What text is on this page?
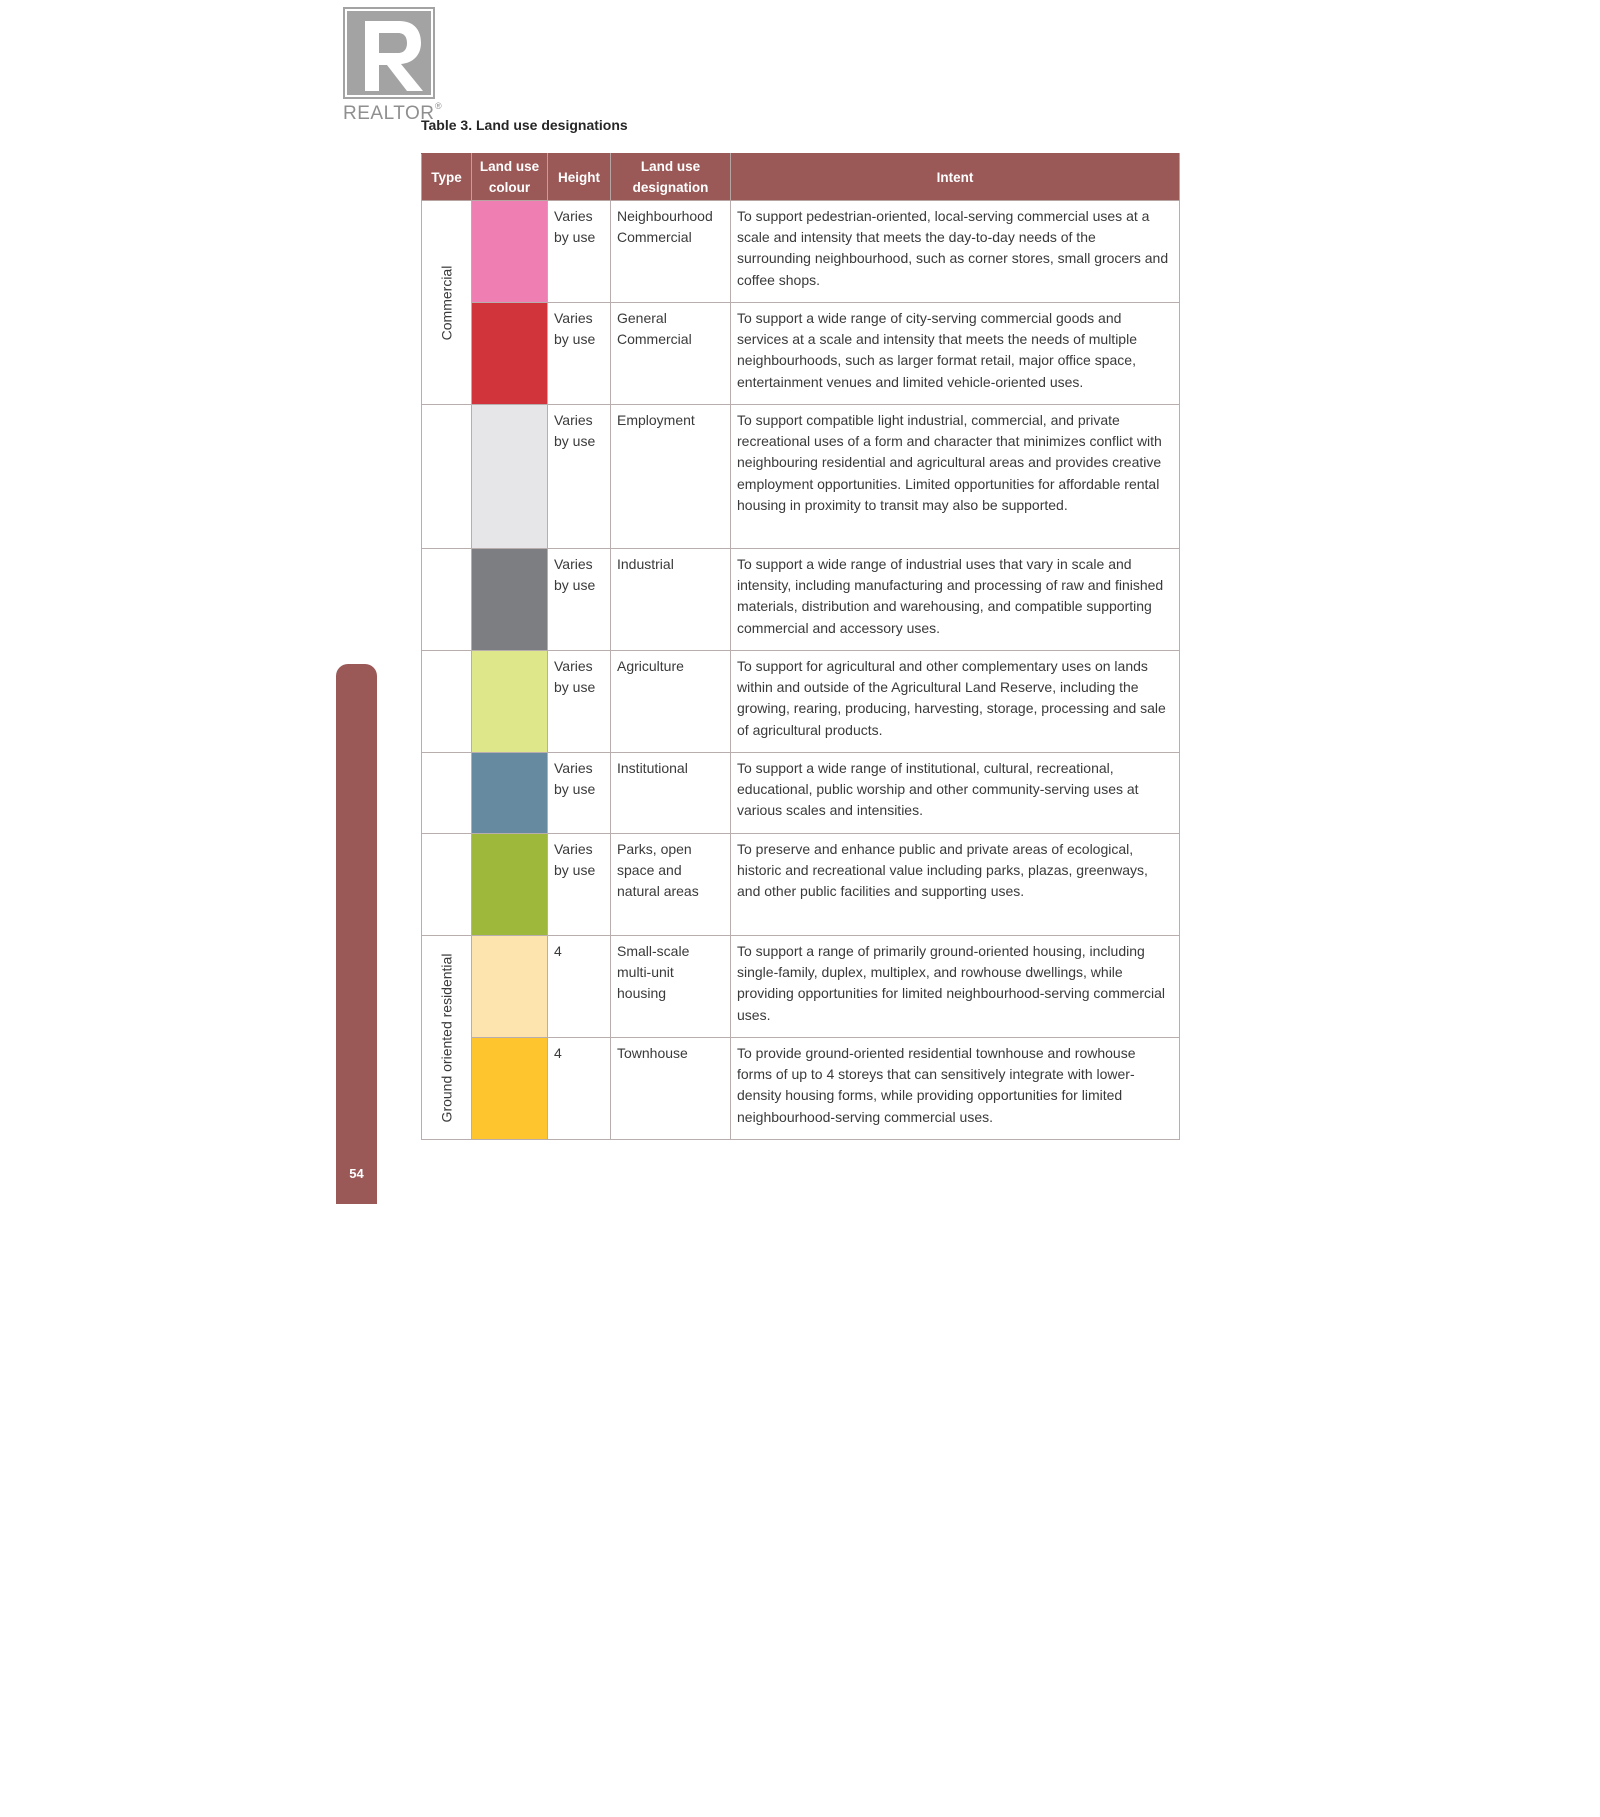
REALTOR ®
PART B | LAND USE FRAMEWORK —DRAFT
54
Table 3. Land use designations
Type	Land use colour	Height	Land use designation	Intent

Commercial		Varies by use	Neighbourhood Commercial	To support pedestrian-oriented, local-serving commercial uses at a scale and intensity that meets the day-to-day needs of the surrounding neighbourhood, such as corner stores, small grocers and coffee shops.
		Varies by use	General Commercial	To support a wide range of city-serving commercial goods and services at a scale and intensity that meets the needs of multiple neighbourhoods, such as larger format retail, major office space, entertainment venues and limited vehicle-oriented uses.
		Varies by use	Employment	To support compatible light industrial, commercial, and private recreational uses of a form and character that minimizes conflict with neighbouring residential and agricultural areas and provides creative employment opportunities. Limited opportunities for affordable rental housing in proximity to transit may also be supported.
		Varies by use	Industrial	To support a wide range of industrial uses that vary in scale and intensity, including manufacturing and processing of raw and finished materials, distribution and warehousing, and compatible supporting commercial and accessory uses.
		Varies by use	Agriculture	To support for agricultural and other complementary uses on lands within and outside of the Agricultural Land Reserve, including the growing, rearing, producing, harvesting, storage, processing and sale of agricultural products.
		Varies by use	Institutional	To support a wide range of institutional, cultural, recreational, educational, public worship and other community-serving uses at various scales and intensities.
		Varies by use	Parks, open space and natural areas	To preserve and enhance public and private areas of ecological, historic and recreational value including parks, plazas, greenways, and other public facilities and supporting uses.

Ground oriented residential		4	Small-scale multi-unit housing	To support a range of primarily ground-oriented housing, including single-family, duplex, multiplex, and rowhouse dwellings, while providing opportunities for limited neighbourhood-serving commercial uses.
		4	Townhouse	To provide ground-oriented residential townhouse and rowhouse forms of up to 4 storeys that can sensitively integrate with lower-density housing forms, while providing opportunities for limited neighbourhood-serving commercial uses.
